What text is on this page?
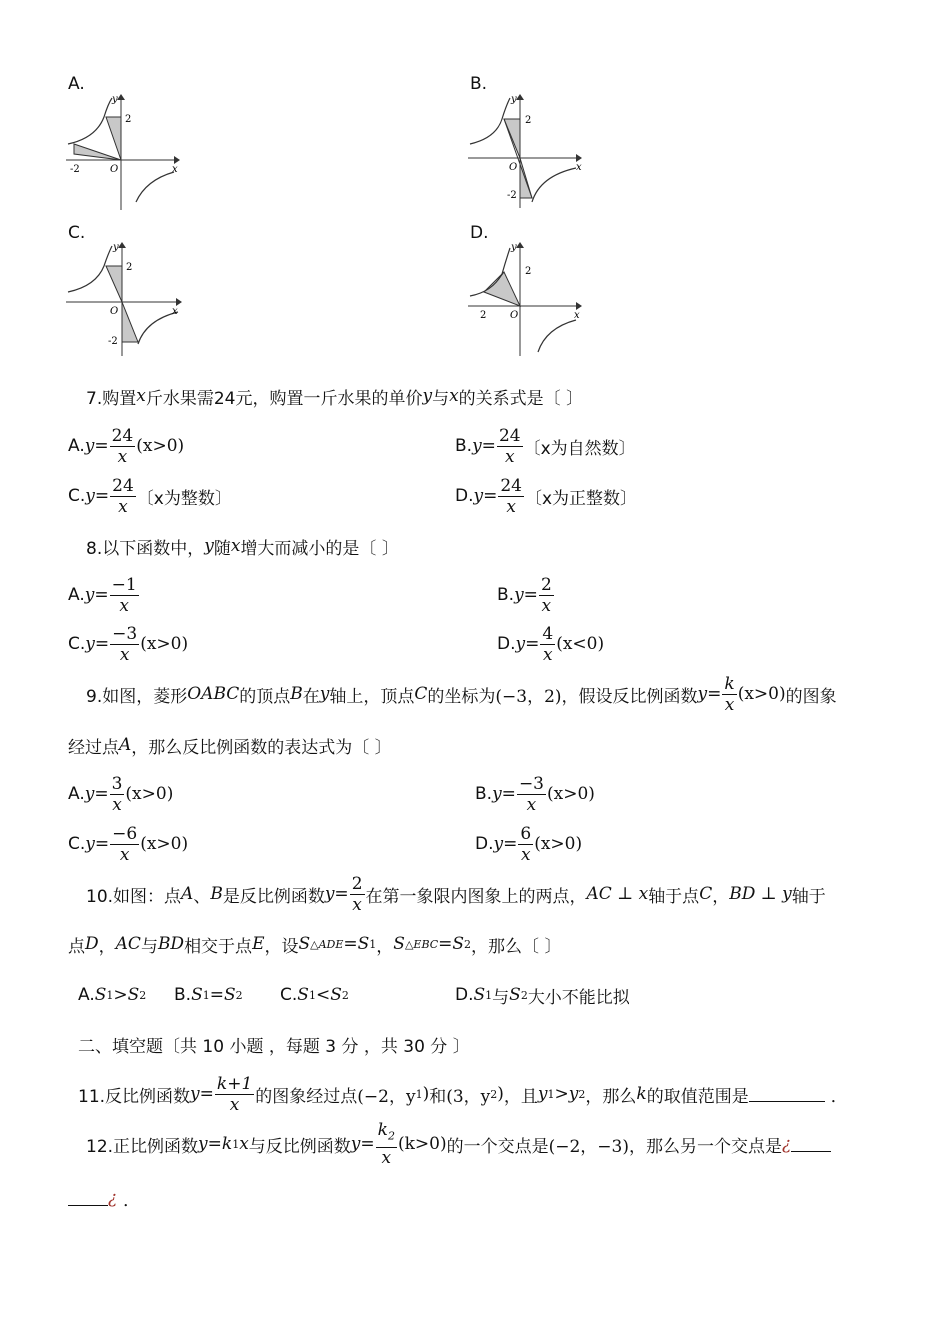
A.	B.
C.	D.
y
x
O
2
-2
y
x
O
2
-2
y
x
O
2
-2
y
x
O
2
2
7.购置 x 斤水果需24元，购置一斤水果的单价 y 与 x 的关系式是〔 〕
A. $y= \frac{24}{x} (x>0)$	B. $y= \frac{24}{x}$ 〔x为自然数〕
C. $y= \frac{24}{x}$ 〔x为整数〕	D. $y= \frac{24}{x}$ 〔x为正整数〕
8.以下函数中， y 随 x 增大而减小的是〔 〕
A. $y= \frac{-1}{x}$	B. $y= \frac{2}{x}$
C. $y= \frac{-3}{x} (x>0)$	D. $y= \frac{4}{x} (x<0)$
9.如图，菱形 OABC 的顶点 B 在 y 轴上，顶点 C 的坐标为 (−3，2) ，假设反比例函数 $y= \frac{k}{x} (x>0)$ 的图象
经过点 A ，那么反比例函数的表达式为〔 〕
A. $y= \frac{3}{x} (x>0)$	B. $y= \frac{-3}{x} (x>0)$
C. $y= \frac{-6}{x} (x>0)$	D. $y= \frac{6}{x} (x>0)$
10.如图：点 A 、 B 是反比例函数 $y= \frac{2}{x}$ 在第一象限内图象上的两点， AC ⊥ x 轴于点 C ， BD ⊥ y 轴于
点 D ， AC 与 BD 相交于点 E ，设 S △ADE =S 1 ， S △EBC =S 2 ，那么〔 〕
A. S 1 > S 2 B. S 1 = S 2 C. S 1 < S 2	D. S 1 与 S 2 大小不能比拟
二、填空题〔共 10 小题 ，每题 3 分 ，共 30 分 〕
11.反比例函数 $y= \frac{k+1}{x}$ 的图象经过点 (−2，y 1 ) 和 (3，y 2 ) ，且 y 1 >y 2 ，那么 k 的取值范围是	．
12.正比例函数 y=k 1 x 与反比例函数 $y= \frac{k_2}{x} (k>0)$ 的一个交点是 (−2，−3) ，那么另一个交点是 ¿
¿ ．
